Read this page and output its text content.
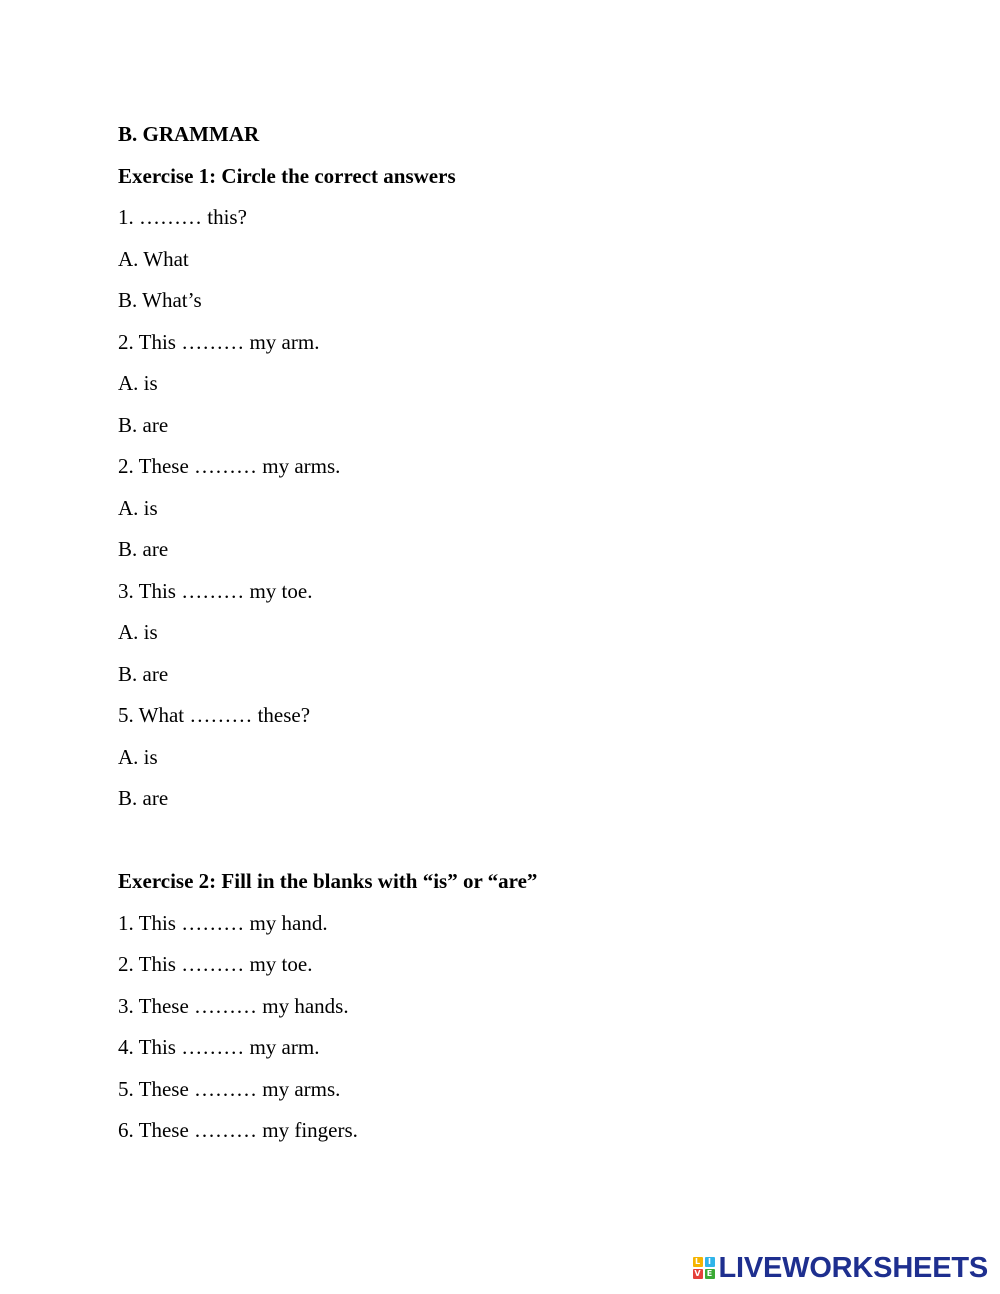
B. GRAMMAR
Exercise 1: Circle the correct answers
1. ……… this?
A. What
B. What’s
2. This ……… my arm.
A. is
B. are
2. These ……… my arms.
A. is
B. are
3. This ……… my toe.
A. is
B. are
5. What ……… these?
A. is
B. are
Exercise 2: Fill in the blanks with “is” or “are”
1. This ……… my hand.
2. This ……… my toe.
3. These ……… my hands.
4. This ……… my arm.
5. These ……… my arms.
6. These ……… my fingers.
L I
V E LIVEWORKSHEETS
